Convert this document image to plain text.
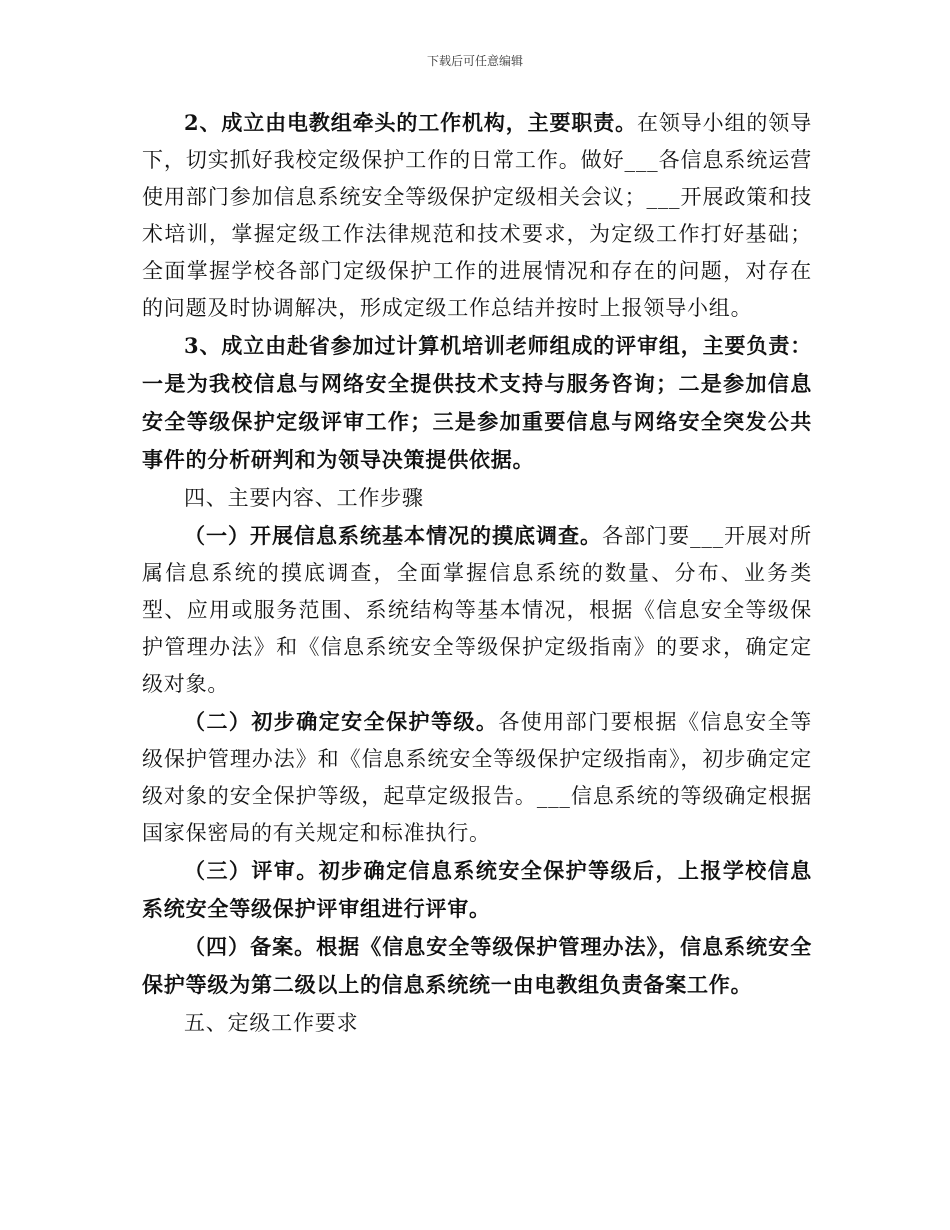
下载后可任意编辑

2、成立由电教组牵头的工作机构，主要职责。在领导小组的领导下，切实抓好我校定级保护工作的日常工作。做好___各信息系统运营使用部门参加信息系统安全等级保护定级相关会议；___开展政策和技术培训，掌握定级工作法律规范和技术要求，为定级工作打好基础；全面掌握学校各部门定级保护工作的进展情况和存在的问题，对存在的问题及时协调解决，形成定级工作总结并按时上报领导小组。

3、成立由赴省参加过计算机培训老师组成的评审组，主要负责：一是为我校信息与网络安全提供技术支持与服务咨询；二是参加信息安全等级保护定级评审工作；三是参加重要信息与网络安全突发公共事件的分析研判和为领导决策提供依据。

四、主要内容、工作步骤

（一）开展信息系统基本情况的摸底调查。各部门要___开展对所属信息系统的摸底调查，全面掌握信息系统的数量、分布、业务类型、应用或服务范围、系统结构等基本情况，根据《信息安全等级保护管理办法》和《信息系统安全等级保护定级指南》的要求，确定定级对象。

（二）初步确定安全保护等级。各使用部门要根据《信息安全等级保护管理办法》和《信息系统安全等级保护定级指南》，初步确定定级对象的安全保护等级，起草定级报告。___信息系统的等级确定根据国家保密局的有关规定和标准执行。

（三）评审。初步确定信息系统安全保护等级后，上报学校信息系统安全等级保护评审组进行评审。

（四）备案。根据《信息安全等级保护管理办法》，信息系统安全保护等级为第二级以上的信息系统统一由电教组负责备案工作。

五、定级工作要求
